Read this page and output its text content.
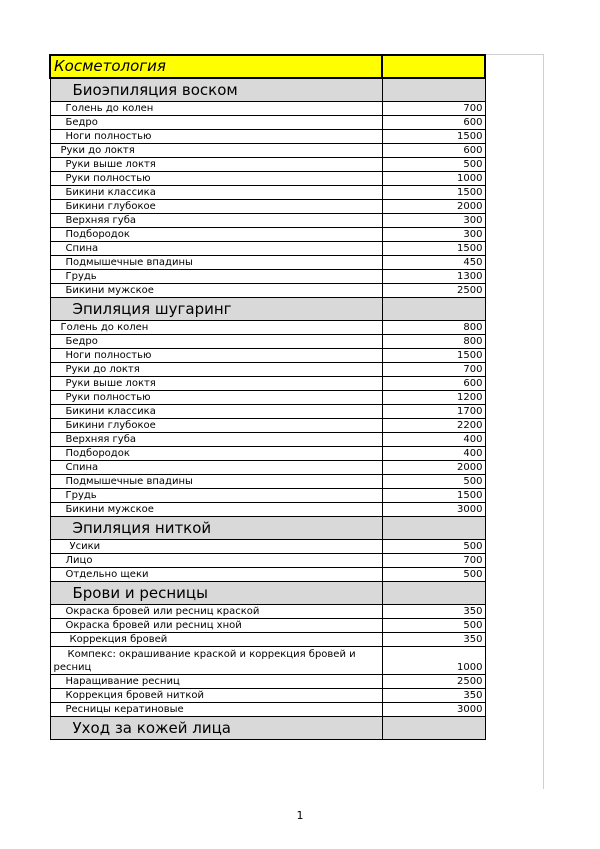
Косметология	
Биоэпиляция воском	
Голень до колен	700
Бедро	600
Ноги полностью	1500
Руки до локтя	600
Руки выше локтя	500
Руки полностью	1000
Бикини классика	1500
Бикини глубокое	2000
Верхняя губа	300
Подбородок	300
Спина	1500
Подмышечные впадины	450
Грудь	1300
Бикини мужское	2500
Эпиляция шугаринг	
Голень до колен	800
Бедро	800
Ноги полностью	1500
Руки до локтя	700
Руки выше локтя	600
Руки полностью	1200
Бикини классика	1700
Бикини глубокое	2200
Верхняя губа	400
Подбородок	400
Спина	2000
Подмышечные впадины	500
Грудь	1500
Бикини мужское	3000
Эпиляция ниткой	
Усики	500
Лицо	700
Отдельно щеки	500
Брови и ресницы	
Окраска бровей или ресниц краской	350
Окраска бровей или ресниц хной	500
Коррекция бровей	350

Компекс: окрашивание краской и коррекция бровей и
ресниц	1000
Наращивание ресниц	2500
Коррекция бровей ниткой	350
Ресницы кератиновые	3000
Уход за кожей лица	
1
